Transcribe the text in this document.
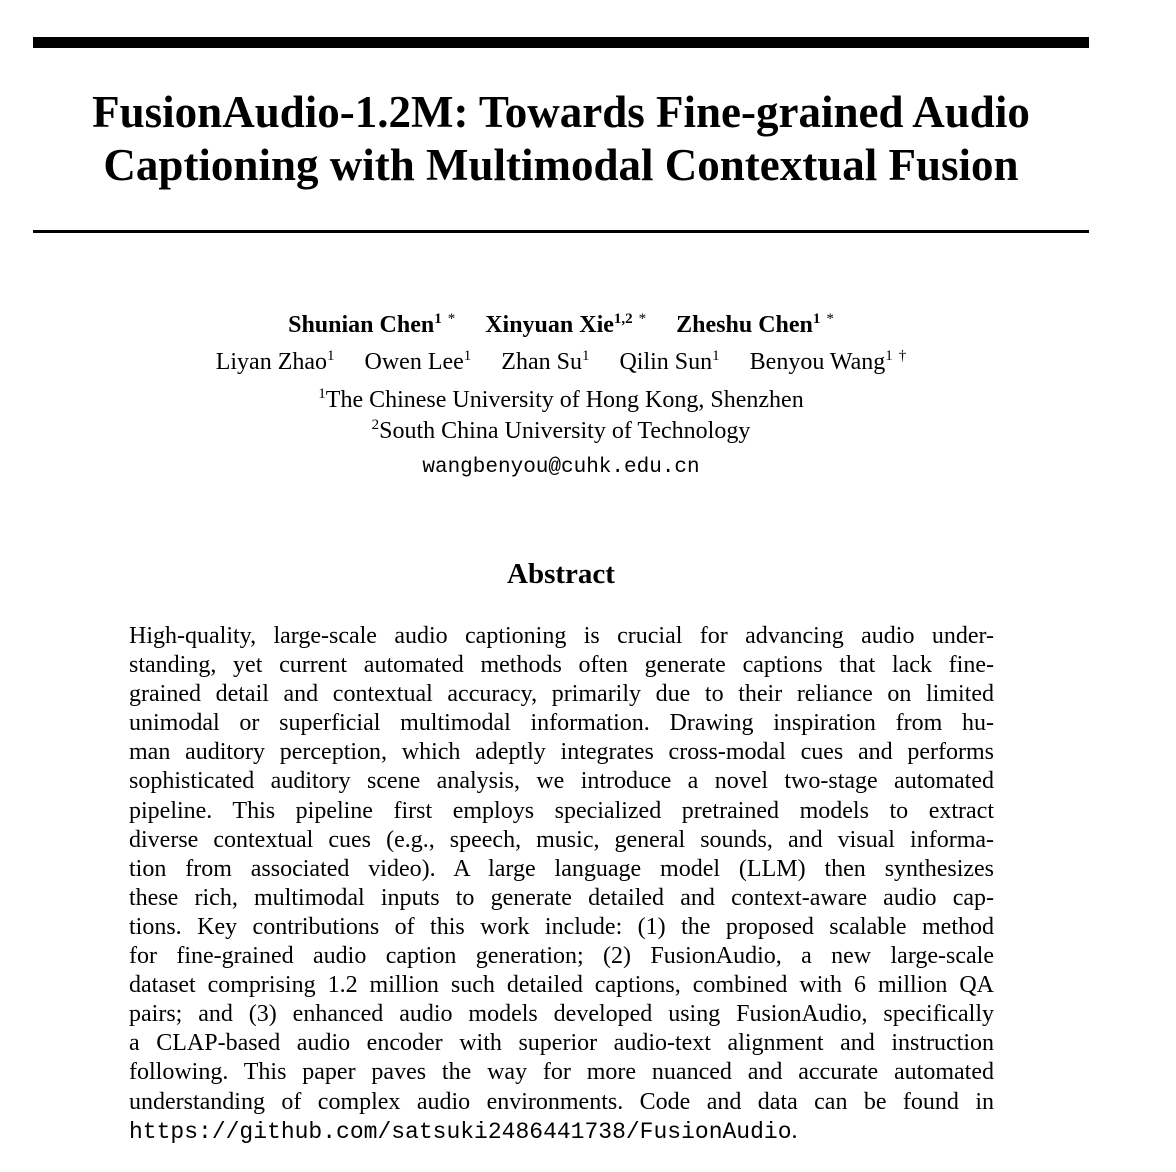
FusionAudio-1.2M: Towards Fine-grained Audio
Captioning with Multimodal Contextual Fusion
Shunian Chen$^1$ * Xinyuan Xie$^{1,2}$ * Zheshu Chen$^1$ *
Liyan Zhao$^1$ Owen Lee$^1$ Zhan Su$^1$ Qilin Sun$^1$ Benyou Wang$^1$ †
$^1$The Chinese University of Hong Kong, Shenzhen
$^2$South China University of Technology
wangbenyou@cuhk.edu.cn
Abstract
High-quality, large-scale audio captioning is crucial for advancing audio under-
standing, yet current automated methods often generate captions that lack fine-
grained detail and contextual accuracy, primarily due to their reliance on limited
unimodal or superficial multimodal information. Drawing inspiration from hu-
man auditory perception, which adeptly integrates cross-modal cues and performs
sophisticated auditory scene analysis, we introduce a novel two-stage automated
pipeline. This pipeline first employs specialized pretrained models to extract
diverse contextual cues (e.g., speech, music, general sounds, and visual informa-
tion from associated video). A large language model (LLM) then synthesizes
these rich, multimodal inputs to generate detailed and context-aware audio cap-
tions. Key contributions of this work include: (1) the proposed scalable method
for fine-grained audio caption generation; (2) FusionAudio, a new large-scale
dataset comprising 1.2 million such detailed captions, combined with 6 million QA
pairs; and (3) enhanced audio models developed using FusionAudio, specifically
a CLAP-based audio encoder with superior audio-text alignment and instruction
following. This paper paves the way for more nuanced and accurate automated
understanding of complex audio environments. Code and data can be found in
https://github.com/satsuki2486441738/FusionAudio.
